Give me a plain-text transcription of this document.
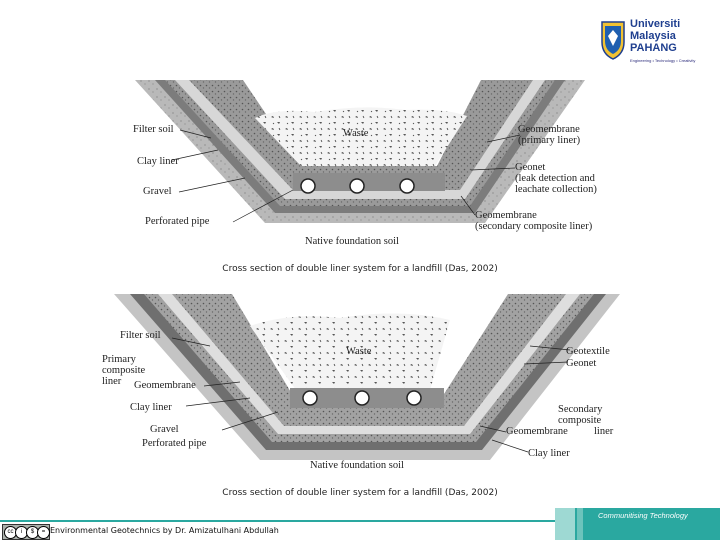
Universiti
Malaysia
PAHANG
Engineering • Technology • Creativity
Filter soil
Clay liner
Gravel
Perforated pipe
Waste	Geomembrane
(primary liner)
Geonet
(leak detection and
leachate collection)
Geomembrane
(secondary composite liner)
Native foundation soil
Cross section of double liner system for a landfill (Das, 2002)
Filter soil
Primary
composite
liner	Geomembrane
Clay liner
Gravel
Perforated pipe
Waste	Geotextile
Geonet
Secondary
composite
liner
Geomembrane
Clay liner
Native foundation soil
Cross section of double liner system for a landfill (Das, 2002)
Communitising Technology
cc	i	$	= Environmental Geotechnics by Dr. Amizatulhani Abdullah
